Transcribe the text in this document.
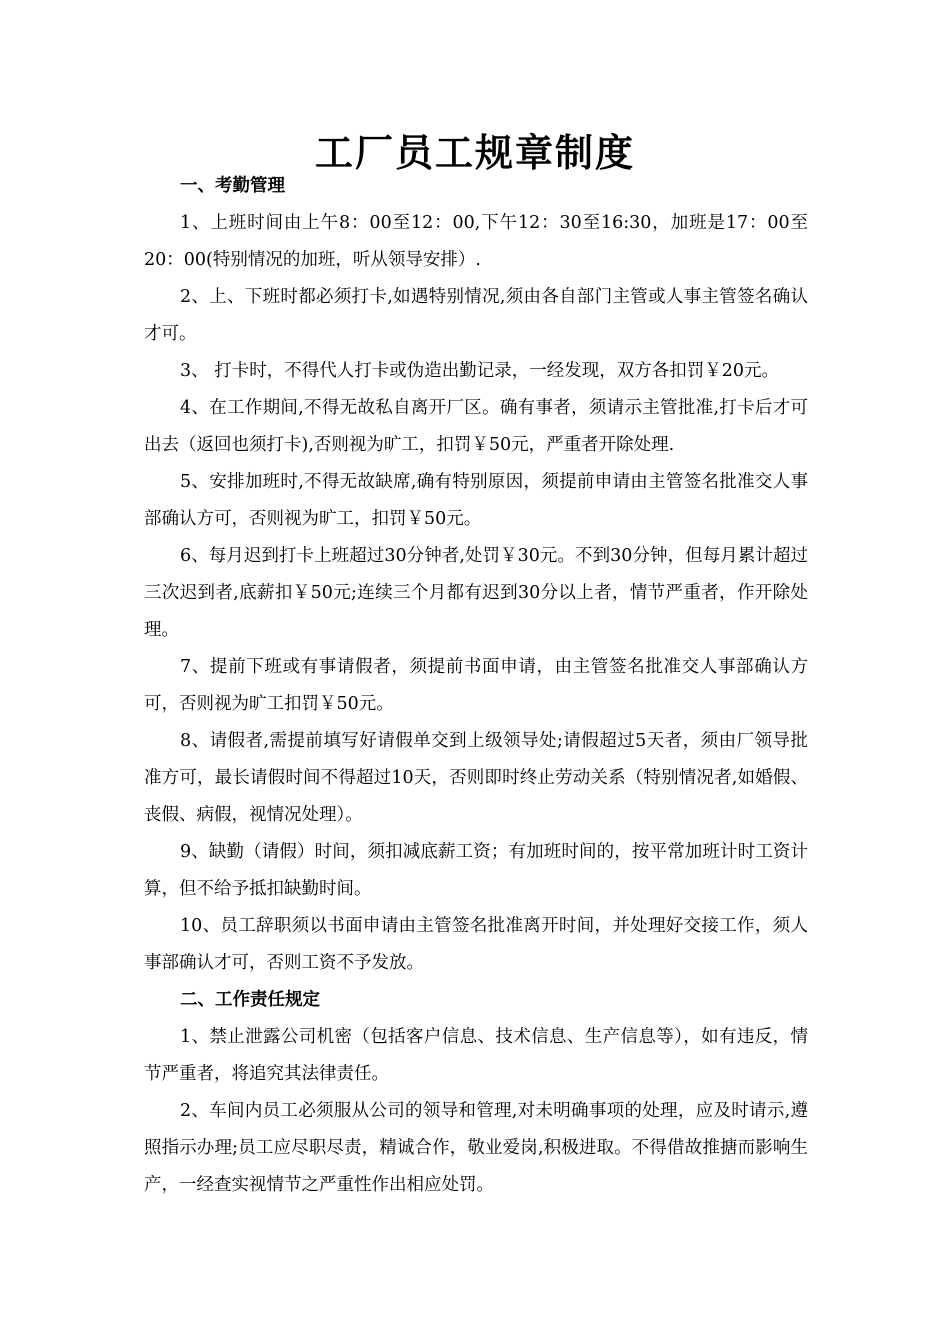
工厂员工规章制度

一、考勤管理

1、上班时间由上午8：00至12：00,下午12：30至16:30，加班是17：00至20：00(特别情况的加班，听从领导安排）.

2、上、下班时都必须打卡,如遇特别情况,须由各自部门主管或人事主管签名确认才可。

3、 打卡时，不得代人打卡或伪造出勤记录，一经发现，双方各扣罚￥20元。

4、在工作期间,不得无故私自离开厂区。确有事者，须请示主管批准,打卡后才可出去（返回也须打卡),否则视为旷工，扣罚￥50元，严重者开除处理.

5、安排加班时,不得无故缺席,确有特别原因，须提前申请由主管签名批准交人事部确认方可，否则视为旷工，扣罚￥50元。

6、每月迟到打卡上班超过30分钟者,处罚￥30元。不到30分钟，但每月累计超过三次迟到者,底薪扣￥50元;连续三个月都有迟到30分以上者，情节严重者，作开除处理。

7、提前下班或有事请假者，须提前书面申请，由主管签名批准交人事部确认方可，否则视为旷工扣罚￥50元。

8、请假者,需提前填写好请假单交到上级领导处;请假超过5天者，须由厂领导批准方可，最长请假时间不得超过10天，否则即时终止劳动关系（特别情况者,如婚假、丧假、病假，视情况处理）。

9、缺勤（请假）时间，须扣减底薪工资；有加班时间的，按平常加班计时工资计算，但不给予抵扣缺勤时间。

10、员工辞职须以书面申请由主管签名批准离开时间，并处理好交接工作，须人事部确认才可，否则工资不予发放。

二、工作责任规定

1、禁止泄露公司机密（包括客户信息、技术信息、生产信息等），如有违反，情节严重者，将追究其法律责任。

2、车间内员工必须服从公司的领导和管理,对未明确事项的处理，应及时请示,遵照指示办理;员工应尽职尽责，精诚合作，敬业爱岗,积极进取。不得借故推搪而影响生产，一经查实视情节之严重性作出相应处罚。
